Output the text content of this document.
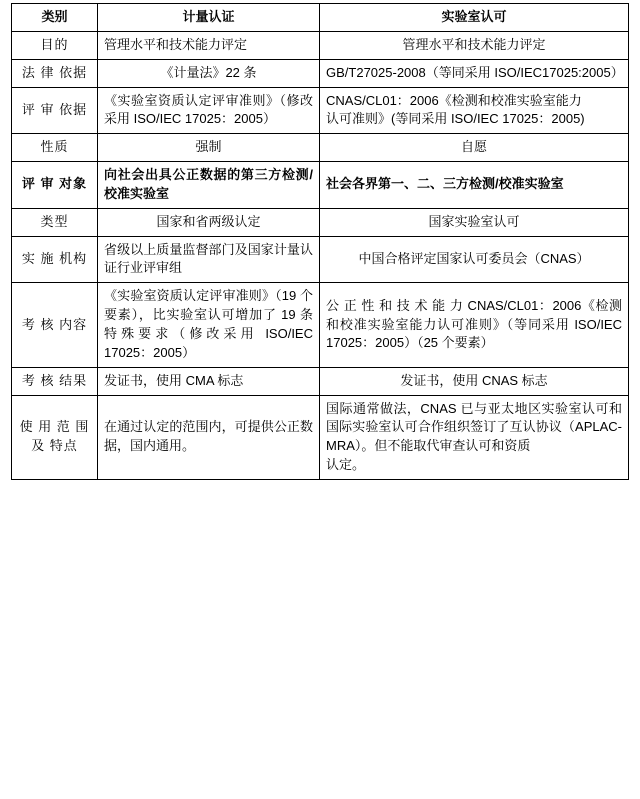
类别	计量认证	实验室认可
目的	管理水平和技术能力评定	管理水平和技术能力评定
法 律 依据	《计量法》22 条	GB/T27025-2008（等同采用 ISO/IEC17025:2005）
评 审 依据	《实验室资质认定评审准则》（修改采用 ISO/IEC 17025：2005）	CNAS/CL01：2006《检测和校准实验室能力
认可准则》(等同采用 ISO/IEC 17025：2005)
性质	强制	自愿
评 审 对象	向社会出具公正数据的第三方检测/校准实验室	社会各界第一、二、三方检测/校准实验室
类型	国家和省两级认定	国家实验室认可
实 施 机构	省级以上质量监督部门及国家计量认证行业评审组	中国合格评定国家认可委员会（CNAS）
考 核 内容	《实验室资质认定评审准则》（19 个要素），比实验室认可增加了 19 条特殊要求（修改采用 ISO/IEC 17025：2005）	公 正 性 和 技 术 能 力 CNAS/CL01：2006《检测和校准实验室能力认可准则》（等同采用 ISO/IEC 17025：2005）（25 个要素）
考 核 结果	发证书，使用 CMA 标志	发证书，使用 CNAS 标志
使 用 范 围 及 特点	在通过认定的范围内，可提供公正数据，国内通用。	国际通常做法，CNAS 已与亚太地区实验室认可和国际实验室认可合作组织签订了互认协议（APLAC-MRA）。但不能取代审查认可和资质
认定。
